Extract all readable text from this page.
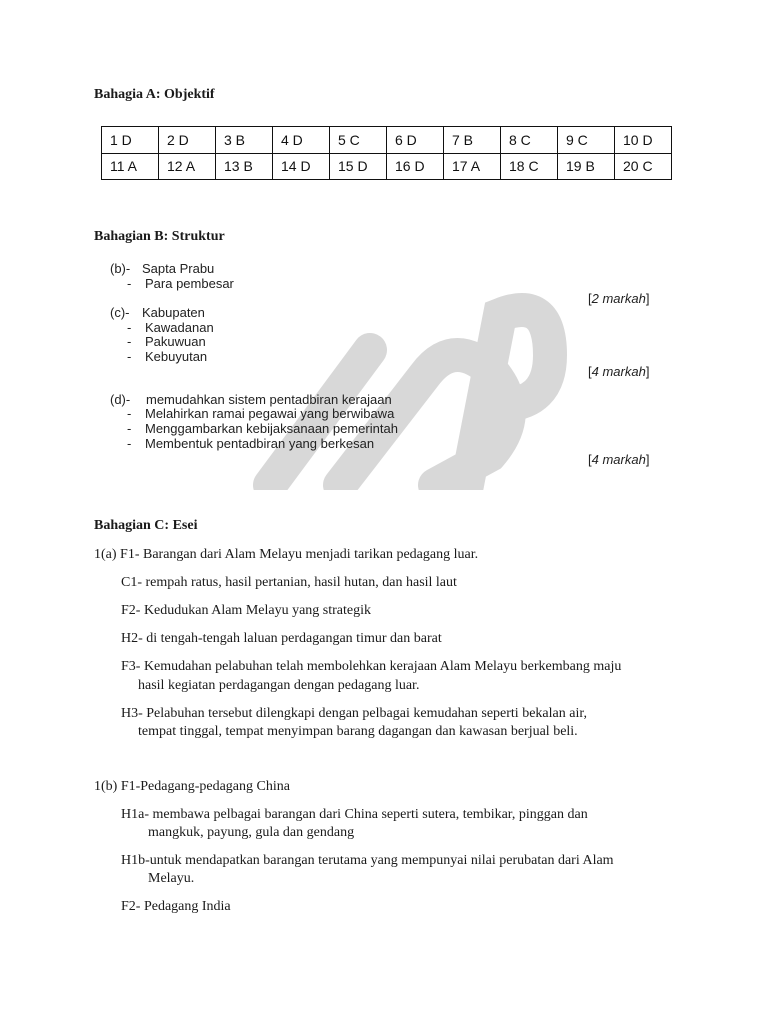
Bahagia A: Objektif
1 D	2 D	3 B	4 D	5 C	6 D	7 B	8 C	9 C	10 D
11 A	12 A	13 B	14 D	15 D	16 D	17 A	18 C	19 B	20 C
Bahagian B: Struktur
(b)- Sapta Prabu
- Para pembesar
[2 markah]
(c)- Kabupaten
- Kawadanan
- Pakuwuan
- Kebuyutan
[4 markah]
(d)- memudahkan sistem pentadbiran kerajaan
- Melahirkan ramai pegawai yang berwibawa
- Menggambarkan kebijaksanaan pemerintah
- Membentuk pentadbiran yang berkesan
[4 markah]
Bahagian C: Esei
1(a) F1- Barangan dari Alam Melayu menjadi tarikan pedagang luar.
C1- rempah ratus, hasil pertanian, hasil hutan, dan hasil laut
F2- Kedudukan Alam Melayu yang strategik
H2- di tengah-tengah laluan perdagangan timur dan barat
F3- Kemudahan pelabuhan telah membolehkan kerajaan Alam Melayu berkembang maju
hasil kegiatan perdagangan dengan pedagang luar.
H3- Pelabuhan tersebut dilengkapi dengan pelbagai kemudahan seperti bekalan air,
tempat tinggal, tempat menyimpan barang dagangan dan kawasan berjual beli.
1(b) F1-Pedagang-pedagang China
H1a- membawa pelbagai barangan dari China seperti sutera, tembikar, pinggan dan
mangkuk, payung, gula dan gendang
H1b-untuk mendapatkan barangan terutama yang mempunyai nilai perubatan dari Alam
Melayu.
F2- Pedagang India
